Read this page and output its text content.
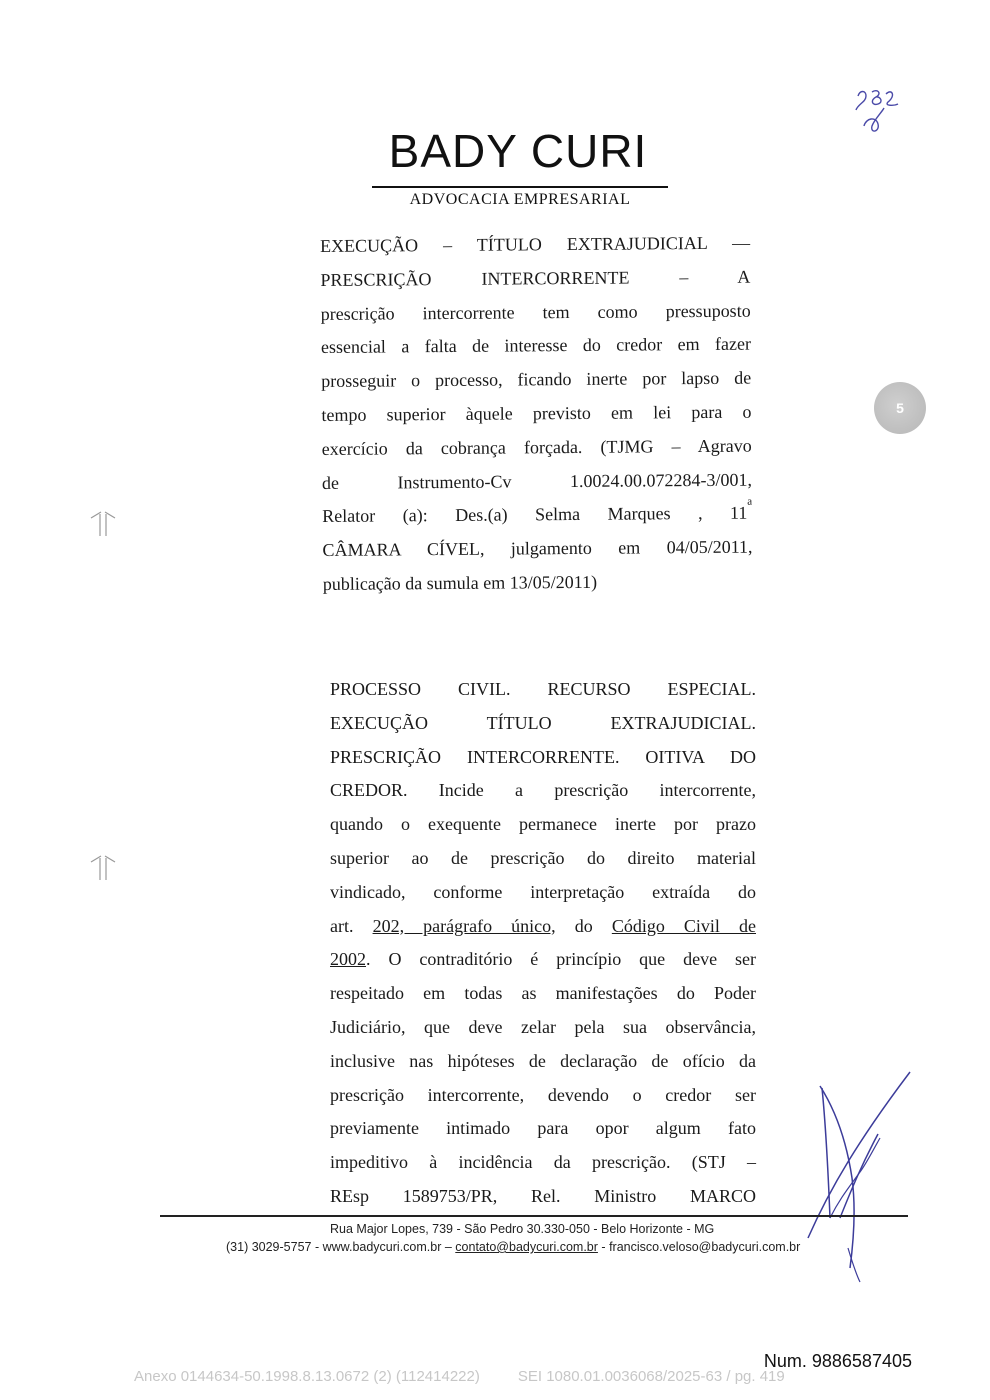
BADY CURI
ADVOCACIA EMPRESARIAL
5
EXECUÇÃO – TÍTULO EXTRAJUDICIAL —
PRESCRIÇÃO INTERCORRENTE – A
prescrição intercorrente tem como pressuposto
essencial a falta de interesse do credor em fazer
prosseguir o processo, ficando inerte por lapso de
tempo superior àquele previsto em lei para o
exercício da cobrança forçada. (TJMG – Agravo
de Instrumento-Cv 1.0024.00.072284-3/001,
Relator (a): Des.(a) Selma Marques , 11$^a$
CÂMARA CÍVEL, julgamento em 04/05/2011,
publicação da sumula em 13/05/2011)
PROCESSO CIVIL. RECURSO ESPECIAL.
EXECUÇÃO TÍTULO EXTRAJUDICIAL.
PRESCRIÇÃO INTERCORRENTE. OITIVA DO
CREDOR. Incide a prescrição intercorrente,
quando o exequente permanece inerte por prazo
superior ao de prescrição do direito material
vindicado, conforme interpretação extraída do
art. 202, parágrafo único, do Código Civil de
2002. O contraditório é princípio que deve ser
respeitado em todas as manifestações do Poder
Judiciário, que deve zelar pela sua observância,
inclusive nas hipóteses de declaração de ofício da
prescrição intercorrente, devendo o credor ser
previamente intimado para opor algum fato
impeditivo à incidência da prescrição. (STJ –
REsp 1589753/PR, Rel. Ministro MARCO
Rua Major Lopes, 739 - São Pedro 30.330-050 - Belo Horizonte - MG
(31) 3029-5757 - www.badycuri.com.br – contato@badycuri.com.br - francisco.veloso@badycuri.com.br
Num. 9886587405
Anexo 0144634-50.1998.8.13.0672 (2) (112414222)	SEI 1080.01.0036068/2025-63 / pg. 419
